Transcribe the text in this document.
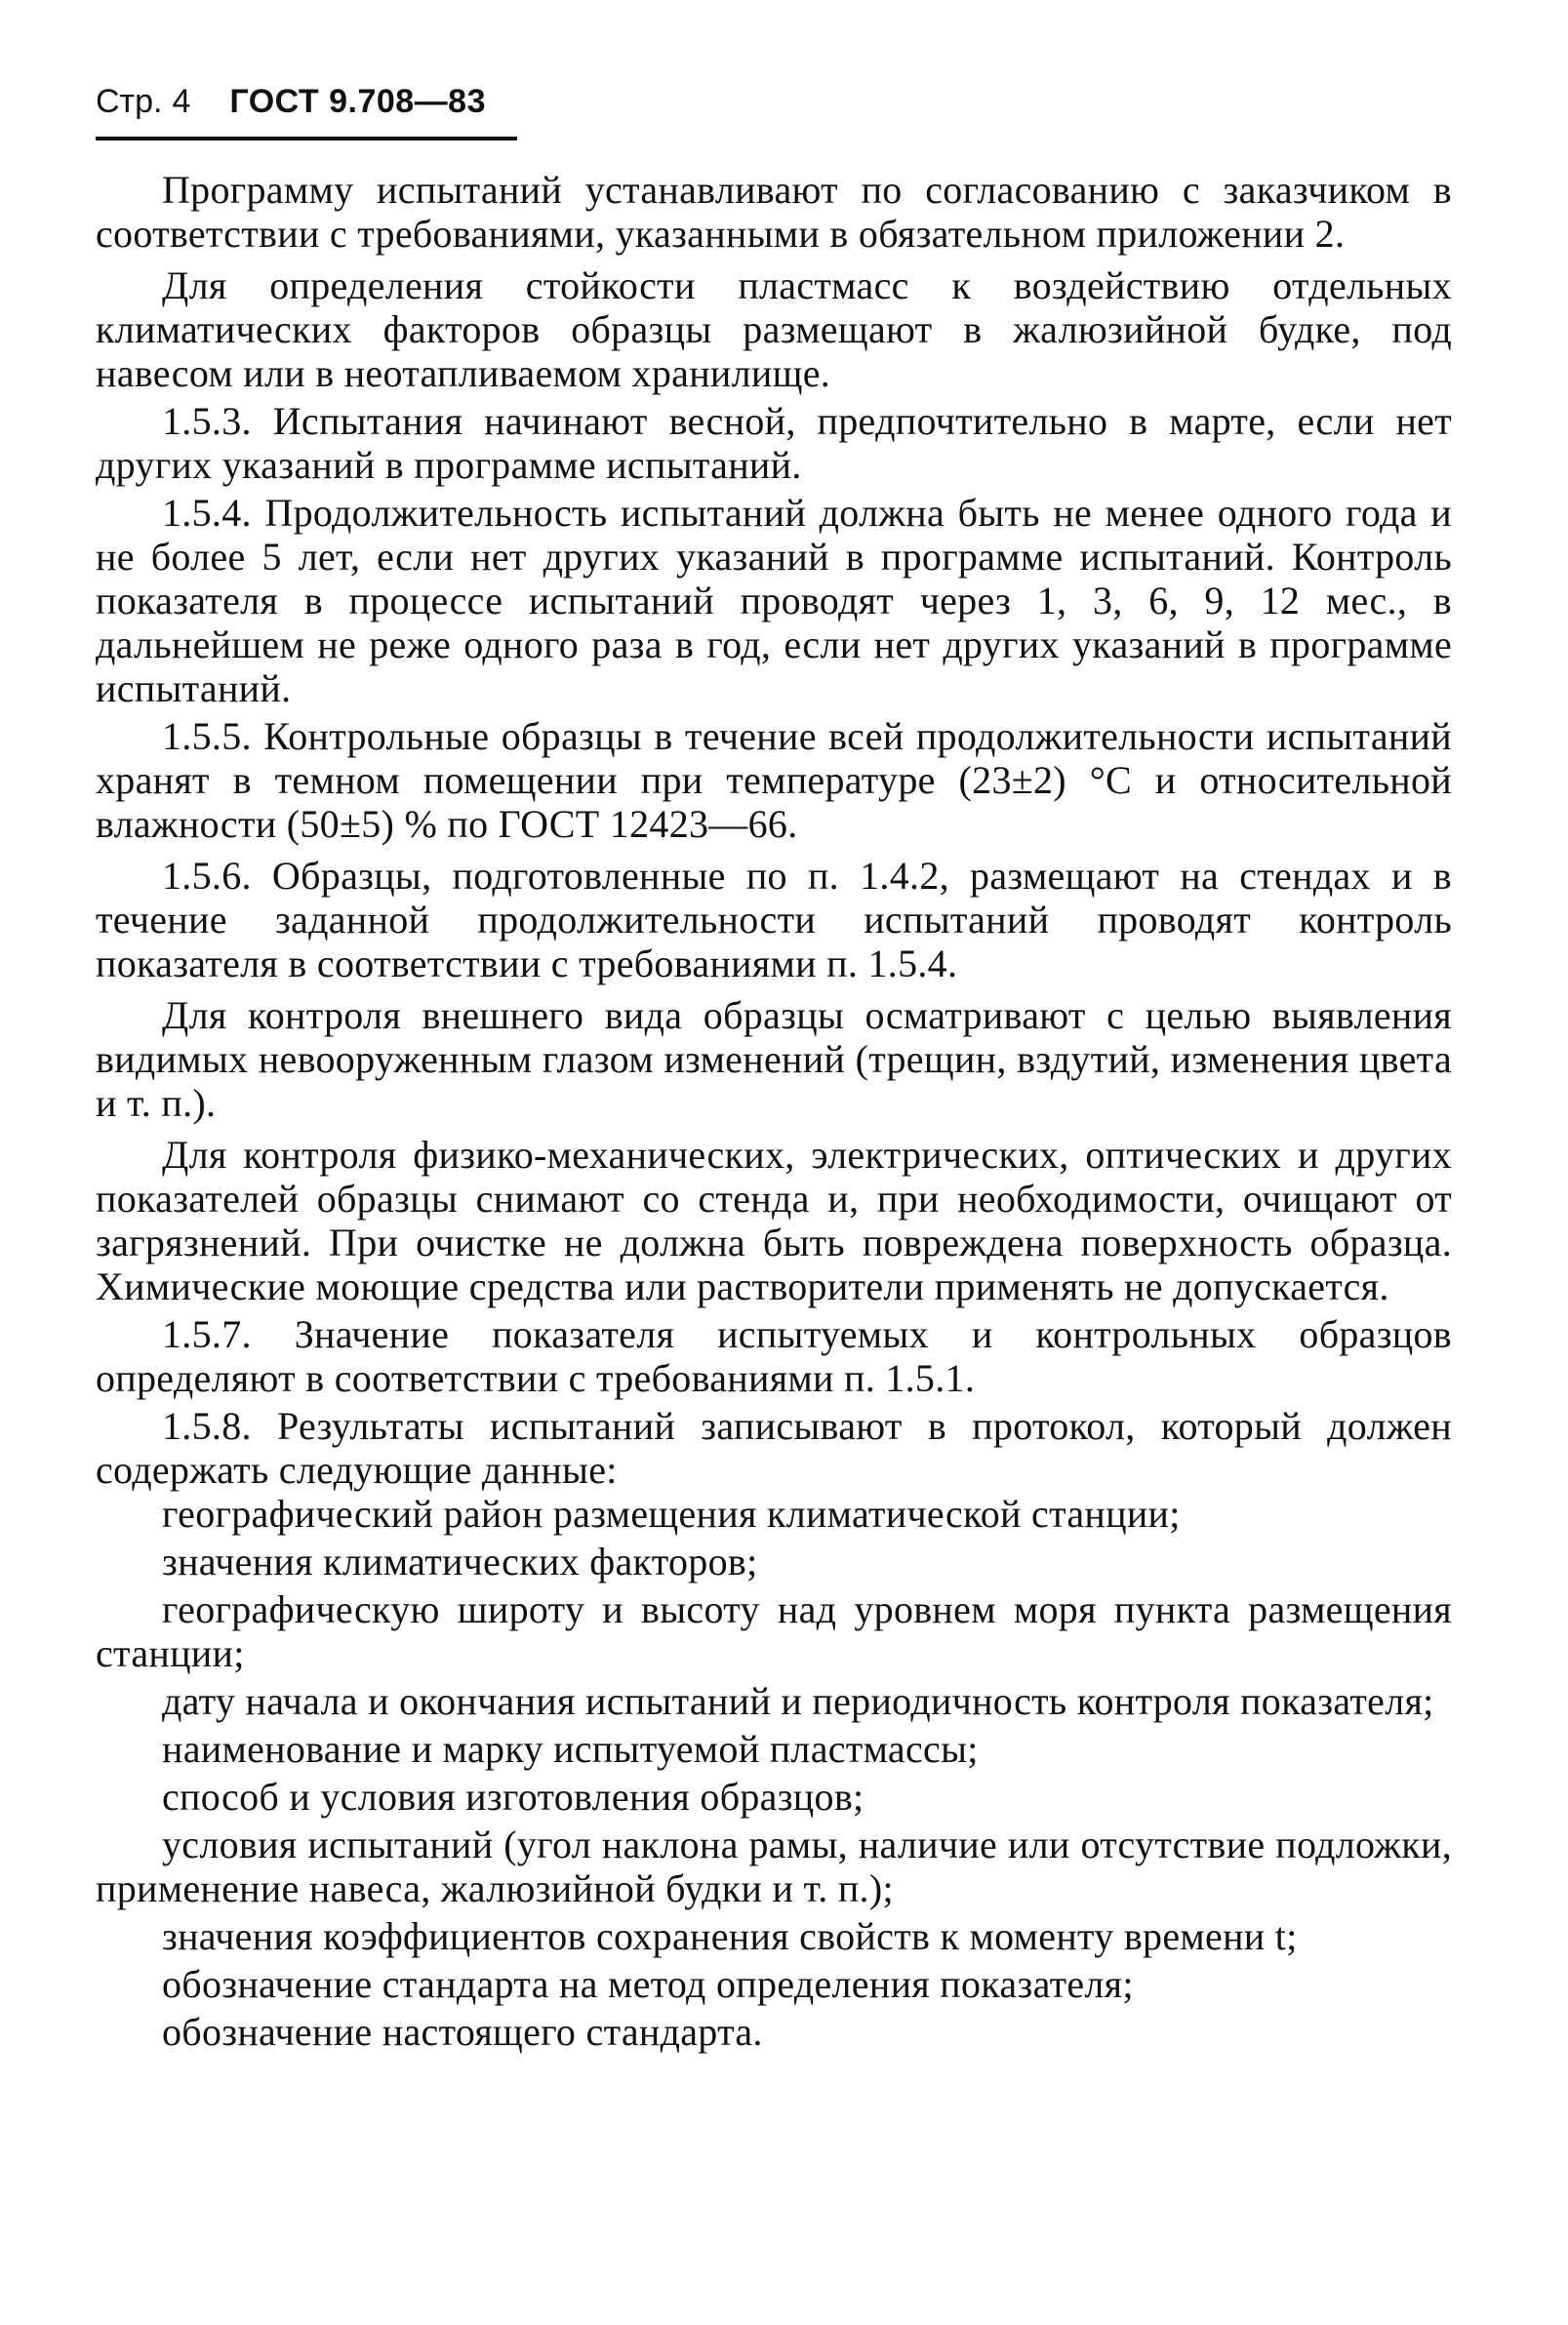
Стр. 4 ГОСТ 9.708—83

Программу испытаний устанавливают по согласованию с заказчиком в соответствии с требованиями, указанными в обязательном приложении 2.

Для определения стойкости пластмасс к воздействию отдельных климатических факторов образцы размещают в жалюзийной будке, под навесом или в неотапливаемом хранилище.

1.5.3. Испытания начинают весной, предпочтительно в марте, если нет других указаний в программе испытаний.

1.5.4. Продолжительность испытаний должна быть не менее одного года и не более 5 лет, если нет других указаний в программе испытаний. Контроль показателя в процессе испытаний проводят через 1, 3, 6, 9, 12 мес., в дальнейшем не реже одного раза в год, если нет других указаний в программе испытаний.

1.5.5. Контрольные образцы в течение всей продолжительности испытаний хранят в темном помещении при температуре (23±2) °С и относительной влажности (50±5) % по ГОСТ 12423—66.

1.5.6. Образцы, подготовленные по п. 1.4.2, размещают на стендах и в течение заданной продолжительности испытаний проводят контроль показателя в соответствии с требованиями п. 1.5.4.

Для контроля внешнего вида образцы осматривают с целью выявления видимых невооруженным глазом изменений (трещин, вздутий, изменения цвета и т. п.).

Для контроля физико-механических, электрических, оптических и других показателей образцы снимают со стенда и, при необходимости, очищают от загрязнений. При очистке не должна быть повреждена поверхность образца. Химические моющие средства или растворители применять не допускается.

1.5.7. Значение показателя испытуемых и контрольных образцов определяют в соответствии с требованиями п. 1.5.1.

1.5.8. Результаты испытаний записывают в протокол, который должен содержать следующие данные:

географический район размещения климатической станции;

значения климатических факторов;

географическую широту и высоту над уровнем моря пункта размещения станции;

дату начала и окончания испытаний и периодичность контроля показателя;

наименование и марку испытуемой пластмассы;

способ и условия изготовления образцов;

условия испытаний (угол наклона рамы, наличие или отсутствие подложки, применение навеса, жалюзийной будки и т. п.);

значения коэффициентов сохранения свойств к моменту времени t;

обозначение стандарта на метод определения показателя;

обозначение настоящего стандарта.
